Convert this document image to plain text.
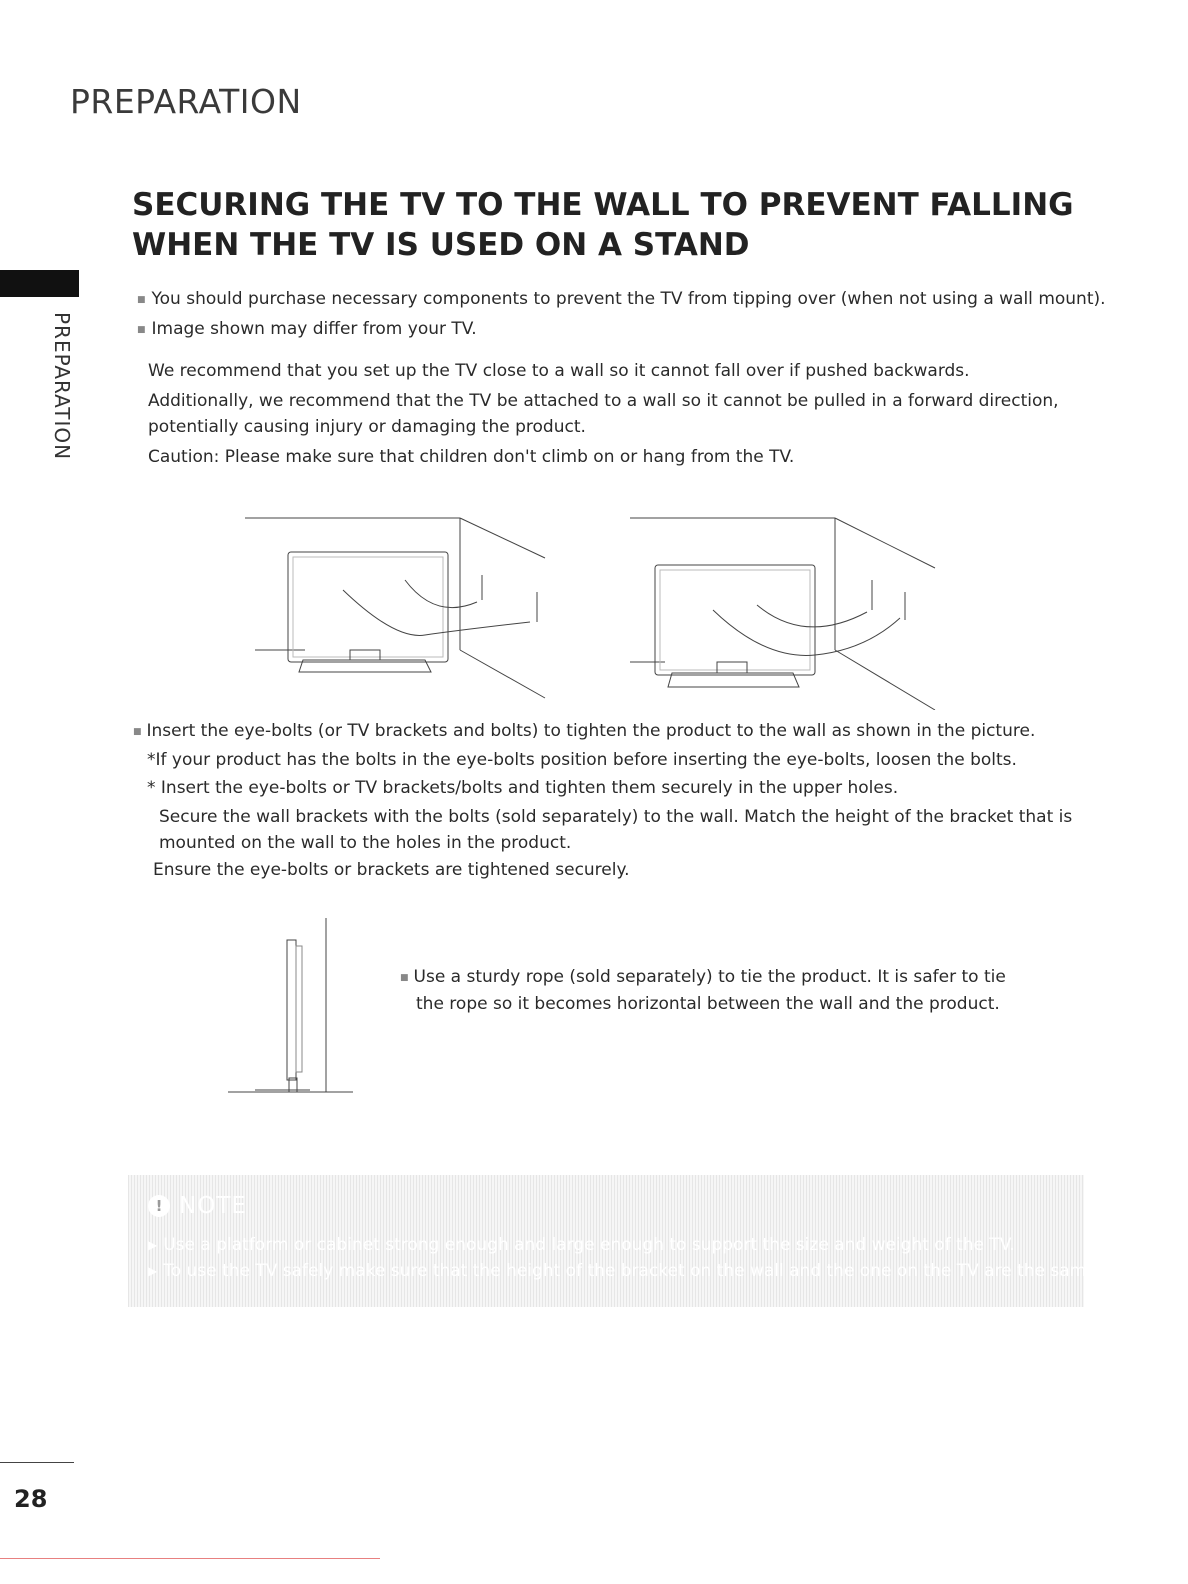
PREPARATION
SECURING THE TV TO THE WALL TO PREVENT FALLING
WHEN THE TV IS USED ON A STAND
PREPARATION
■ You should purchase necessary components to prevent the TV from tipping over (when not using a wall mount).
■ Image shown may differ from your TV.

We recommend that you set up the TV close to a wall so it cannot fall over if pushed backwards.

Additionally, we recommend that the TV be attached to a wall so it cannot be pulled in a forward direction, potentially causing injury or damaging the product.

Caution: Please make sure that children don't climb on or hang from the TV.

■ Insert the eye-bolts (or TV brackets and bolts) to tighten the product to the wall as shown in the picture.
*If your product has the bolts in the eye-bolts position before inserting the eye-bolts, loosen the bolts.
* Insert the eye-bolts or TV brackets/bolts and tighten them securely in the upper holes.
Secure the wall brackets with the bolts (sold separately) to the wall. Match the height of the bracket that is mounted on the wall to the holes in the product.
Ensure the eye-bolts or brackets are tightened securely.
■ Use a sturdy rope (sold separately) to tie the product. It is safer to tie
the rope so it becomes horizontal between the wall and the product.
! NOTE
▶ Use a platform or cabinet strong enough and large enough to support the size and weight of the TV.
▶ To use the TV safely make sure that the height of the bracket on the wall and the one on the TV are the same.
28
